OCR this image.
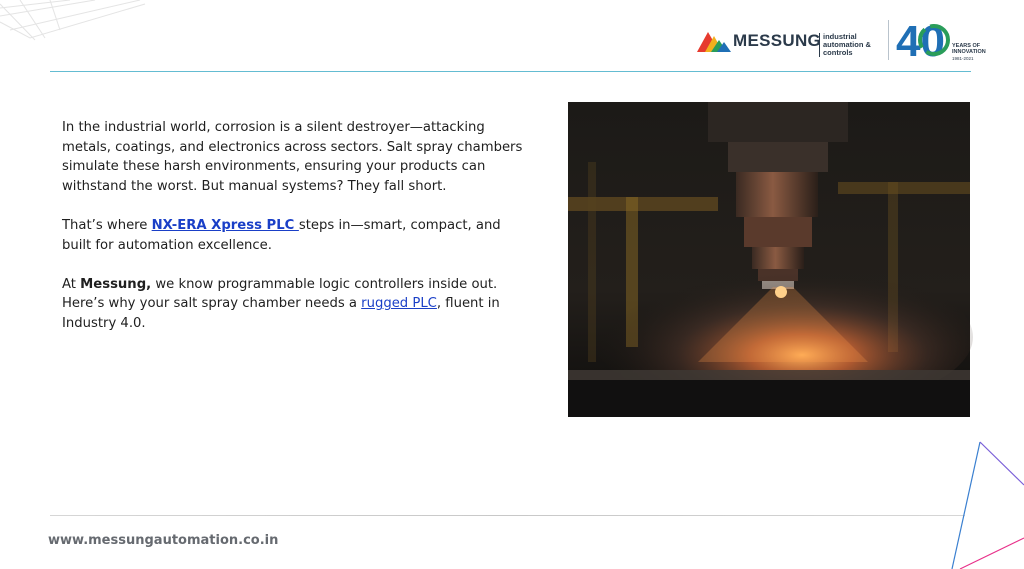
MESSUNG industrial
automation & controls 40 YEARS OF
INNOVATION
1981-2021

In the industrial world, corrosion is a silent destroyer—attacking metals, coatings, and electronics across sectors. Salt spray chambers simulate these harsh environments, ensuring your products can withstand the worst. But manual systems? They fall short.

That’s where NX-ERA Xpress PLC steps in—smart, compact, and built for automation excellence.

At Messung, we know programmable logic controllers inside out. Here’s why your salt spray chamber needs a rugged PLC, fluent in Industry 4.0.

www.messungautomation.co.in
